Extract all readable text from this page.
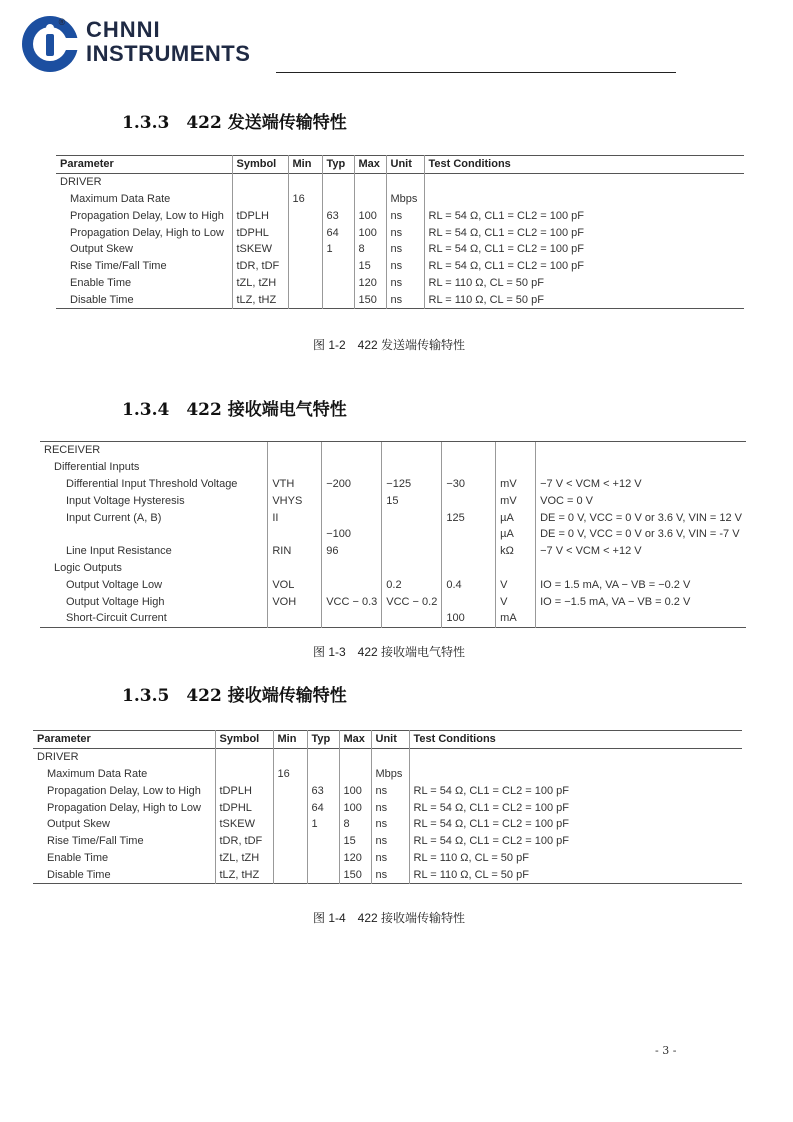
CHNNI®
INSTRUMENTS
1.3.3　422 发送端传输特性
Parameter	Symbol	Min	Typ	Max	Unit	Test Conditions
DRIVER						
Maximum Data Rate		16			Mbps	
Propagation Delay, Low to High	tDPLH		63	100	ns	RL = 54 Ω, CL1 = CL2 = 100 pF
Propagation Delay, High to Low	tDPHL		64	100	ns	RL = 54 Ω, CL1 = CL2 = 100 pF
Output Skew	tSKEW		1	8	ns	RL = 54 Ω, CL1 = CL2 = 100 pF
Rise Time/Fall Time	tDR, tDF			15	ns	RL = 54 Ω, CL1 = CL2 = 100 pF
Enable Time	tZL, tZH			120	ns	RL = 110 Ω, CL = 50 pF
Disable Time	tLZ, tHZ			150	ns	RL = 110 Ω, CL = 50 pF
图 1-2　422 发送端传输特性
1.3.4　422 接收端电气特性

RECEIVER						
Differential Inputs						
Differential Input Threshold Voltage	VTH	−200	−125	−30	mV	−7 V < VCM < +12 V
Input Voltage Hysteresis	VHYS		15		mV	VOC = 0 V
Input Current (A, B)	II			125	µA	DE = 0 V, VCC = 0 V or 3.6 V, VIN = 12 V
		−100			µA	DE = 0 V, VCC = 0 V or 3.6 V, VIN = -7 V
Line Input Resistance	RIN	96			kΩ	−7 V < VCM < +12 V
Logic Outputs						
Output Voltage Low	VOL		0.2	0.4	V	IO = 1.5 mA, VA − VB = −0.2 V
Output Voltage High	VOH	VCC − 0.3	VCC − 0.2		V	IO = −1.5 mA, VA − VB = 0.2 V
Short-Circuit Current				100	mA	
图 1-3　422 接收端电气特性
1.3.5　422 接收端传输特性
Parameter	Symbol	Min	Typ	Max	Unit	Test Conditions
DRIVER						
Maximum Data Rate		16			Mbps	
Propagation Delay, Low to High	tDPLH		63	100	ns	RL = 54 Ω, CL1 = CL2 = 100 pF
Propagation Delay, High to Low	tDPHL		64	100	ns	RL = 54 Ω, CL1 = CL2 = 100 pF
Output Skew	tSKEW		1	8	ns	RL = 54 Ω, CL1 = CL2 = 100 pF
Rise Time/Fall Time	tDR, tDF			15	ns	RL = 54 Ω, CL1 = CL2 = 100 pF
Enable Time	tZL, tZH			120	ns	RL = 110 Ω, CL = 50 pF
Disable Time	tLZ, tHZ			150	ns	RL = 110 Ω, CL = 50 pF
图 1-4　422 接收端传输特性
- 3 -
